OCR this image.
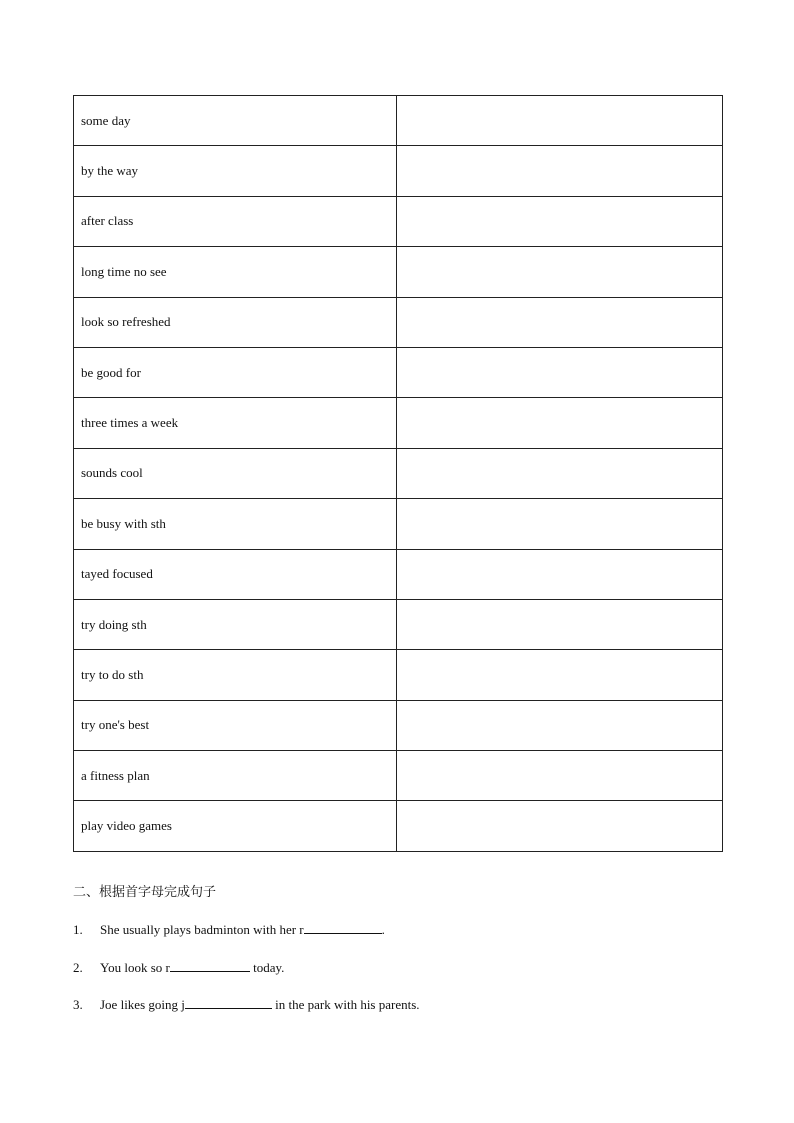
some day	
by the way	
after class	
long time no see	
look so refreshed	
be good for	
three times a week	
sounds cool	
be busy with sth	
tayed focused	
try doing sth	
try to do sth	
try one's best	
a fitness plan	
play video games	
二、根据首字母完成句子
1. She usually plays badminton with her r	.
2. You look so r	today.
3. Joe likes going j	in the park with his parents.
